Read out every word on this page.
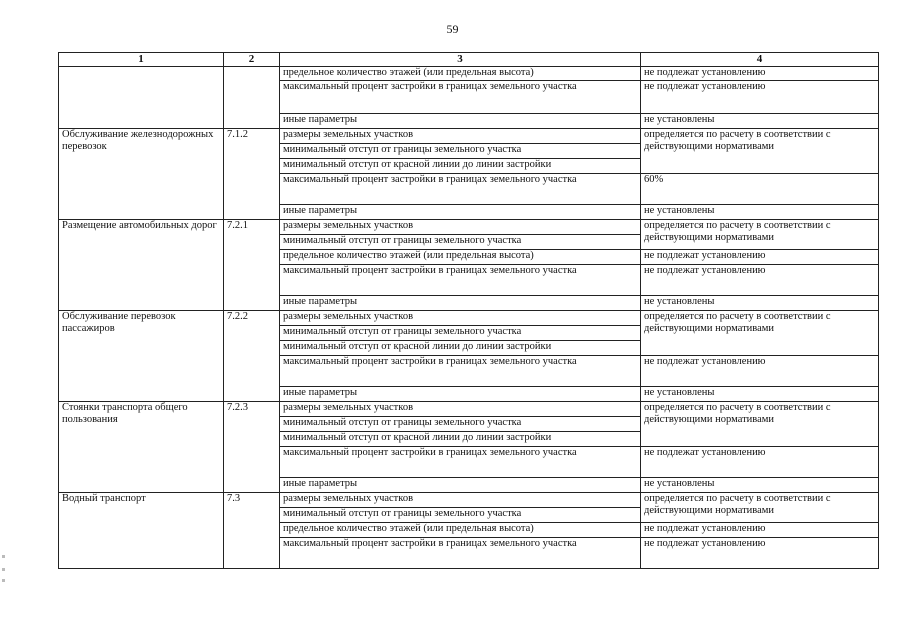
59
1	2	3	4
		предельное количество этажей (или предельная высота)	не подлежат установлению
		максимальный процент застройки в границах земельного участка	не подлежат установлению
		иные параметры	не установлены
Обслуживание железнодорожных перевозок	7.1.2	размеры земельных участков	определяется по расчету в соответствии с действующими нормативами
		минимальный отступ от границы земельного участка	
		минимальный отступ от красной линии до линии застройки	
		максимальный процент застройки в границах земельного участка	60%
		иные параметры	не установлены
Размещение автомобильных дорог	7.2.1	размеры земельных участков	определяется по расчету в соответствии с действующими нормативами
		минимальный отступ от границы земельного участка	
		предельное количество этажей (или предельная высота)	не подлежат установлению
		максимальный процент застройки в границах земельного участка	не подлежат установлению
		иные параметры	не установлены
Обслуживание перевозок пассажиров	7.2.2	размеры земельных участков	определяется по расчету в соответствии с действующими нормативами
		минимальный отступ от границы земельного участка	
		минимальный отступ от красной линии до линии застройки	
		максимальный процент застройки в границах земельного участка	не подлежат установлению
		иные параметры	не установлены
Стоянки транспорта общего пользования	7.2.3	размеры земельных участков	определяется по расчету в соответствии с действующими нормативами
		минимальный отступ от границы земельного участка	
		минимальный отступ от красной линии до линии застройки	
		максимальный процент застройки в границах земельного участка	не подлежат установлению
		иные параметры	не установлены
Водный транспорт	7.3	размеры земельных участков	определяется по расчету в соответствии с действующими нормативами
		минимальный отступ от границы земельного участка	
		предельное количество этажей (или предельная высота)	не подлежат установлению
		максимальный процент застройки в границах земельного участка	не подлежат установлению
